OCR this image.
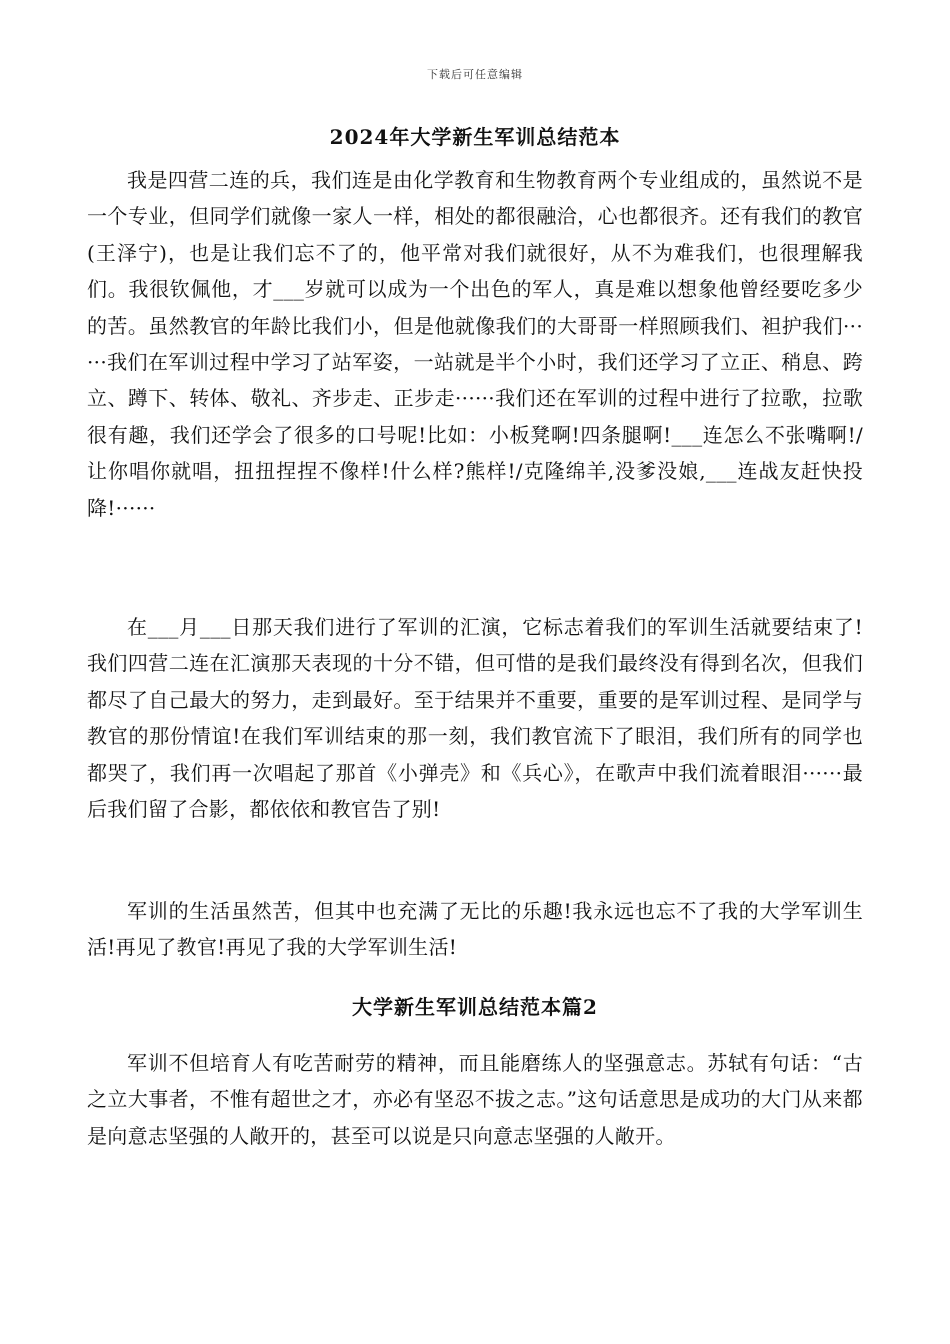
下载后可任意编辑
2024年大学新生军训总结范本

我是四营二连的兵，我们连是由化学教育和生物教育两个专业组成的，虽然说不是一个专业，但同学们就像一家人一样，相处的都很融洽，心也都很齐。还有我们的教官(王泽宁)，也是让我们忘不了的，他平常对我们就很好，从不为难我们，也很理解我们。我很钦佩他，才___岁就可以成为一个出色的军人，真是难以想象他曾经要吃多少的苦。虽然教官的年龄比我们小，但是他就像我们的大哥哥一样照顾我们、袒护我们······我们在军训过程中学习了站军姿，一站就是半个小时，我们还学习了立正、稍息、跨立、蹲下、转体、敬礼、齐步走、正步走······我们还在军训的过程中进行了拉歌，拉歌很有趣，我们还学会了很多的口号呢!比如：小板凳啊!四条腿啊!___连怎么不张嘴啊!/让你唱你就唱，扭扭捏捏不像样!什么样?熊样!/克隆绵羊,没爹没娘,___连战友赶快投降!······

在___月___日那天我们进行了军训的汇演，它标志着我们的军训生活就要结束了!我们四营二连在汇演那天表现的十分不错，但可惜的是我们最终没有得到名次，但我们都尽了自己最大的努力，走到最好。至于结果并不重要，重要的是军训过程、是同学与教官的那份情谊!在我们军训结束的那一刻，我们教官流下了眼泪，我们所有的同学也都哭了，我们再一次唱起了那首《小弹壳》和《兵心》，在歌声中我们流着眼泪······最后我们留了合影，都依依和教官告了别!

军训的生活虽然苦，但其中也充满了无比的乐趣!我永远也忘不了我的大学军训生活!再见了教官!再见了我的大学军训生活!

大学新生军训总结范本篇2

军训不但培育人有吃苦耐劳的精神，而且能磨练人的坚强意志。苏轼有句话：“古之立大事者，不惟有超世之才，亦必有坚忍不拔之志。”这句话意思是成功的大门从来都是向意志坚强的人敞开的，甚至可以说是只向意志坚强的人敞开。
